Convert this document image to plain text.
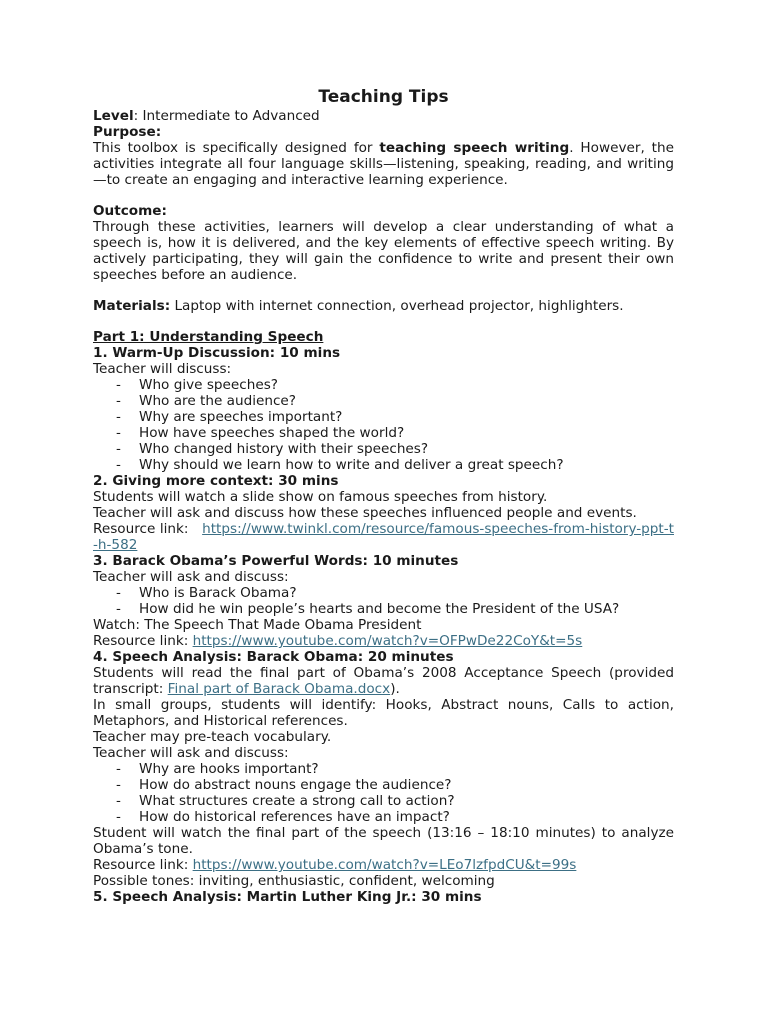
Teaching Tips

Level: Intermediate to Advanced

Purpose:

This toolbox is specifically designed for teaching speech writing. However, the activities integrate all four language skills—listening, speaking, reading, and writing—to create an engaging and interactive learning experience.

Outcome:

Through these activities, learners will develop a clear understanding of what a speech is, how it is delivered, and the key elements of effective speech writing. By actively participating, they will gain the confidence to write and present their own speeches before an audience.

Materials: Laptop with internet connection, overhead projector, highlighters.

Part 1: Understanding Speech

1. Warm-Up Discussion: 10 mins

Teacher will discuss:

- Who give speeches?
- Who are the audience?
- Why are speeches important?
- How have speeches shaped the world?
- Who changed history with their speeches?
- Why should we learn how to write and deliver a great speech?

2. Giving more context: 30 mins

Students will watch a slide show on famous speeches from history.

Teacher will ask and discuss how these speeches influenced people and events.

Resource link: https://www.twinkl.com/resource/famous-speeches-from-history-ppt-t-h-582

3. Barack Obama’s Powerful Words: 10 minutes

Teacher will ask and discuss:

- Who is Barack Obama?
- How did he win people’s hearts and become the President of the USA?

Watch: The Speech That Made Obama President

Resource link: https://www.youtube.com/watch?v=OFPwDe22CoY&t=5s

4. Speech Analysis: Barack Obama: 20 minutes

Students will read the final part of Obama’s 2008 Acceptance Speech (provided transcript: Final part of Barack Obama.docx).

In small groups, students will identify: Hooks, Abstract nouns, Calls to action, Metaphors, and Historical references.

Teacher may pre-teach vocabulary.

Teacher will ask and discuss:

- Why are hooks important?
- How do abstract nouns engage the audience?
- What structures create a strong call to action?
- How do historical references have an impact?

Student will watch the final part of the speech (13:16 – 18:10 minutes) to analyze Obama’s tone.

Resource link: https://www.youtube.com/watch?v=LEo7lzfpdCU&t=99s

Possible tones: inviting, enthusiastic, confident, welcoming

5. Speech Analysis: Martin Luther King Jr.: 30 mins
